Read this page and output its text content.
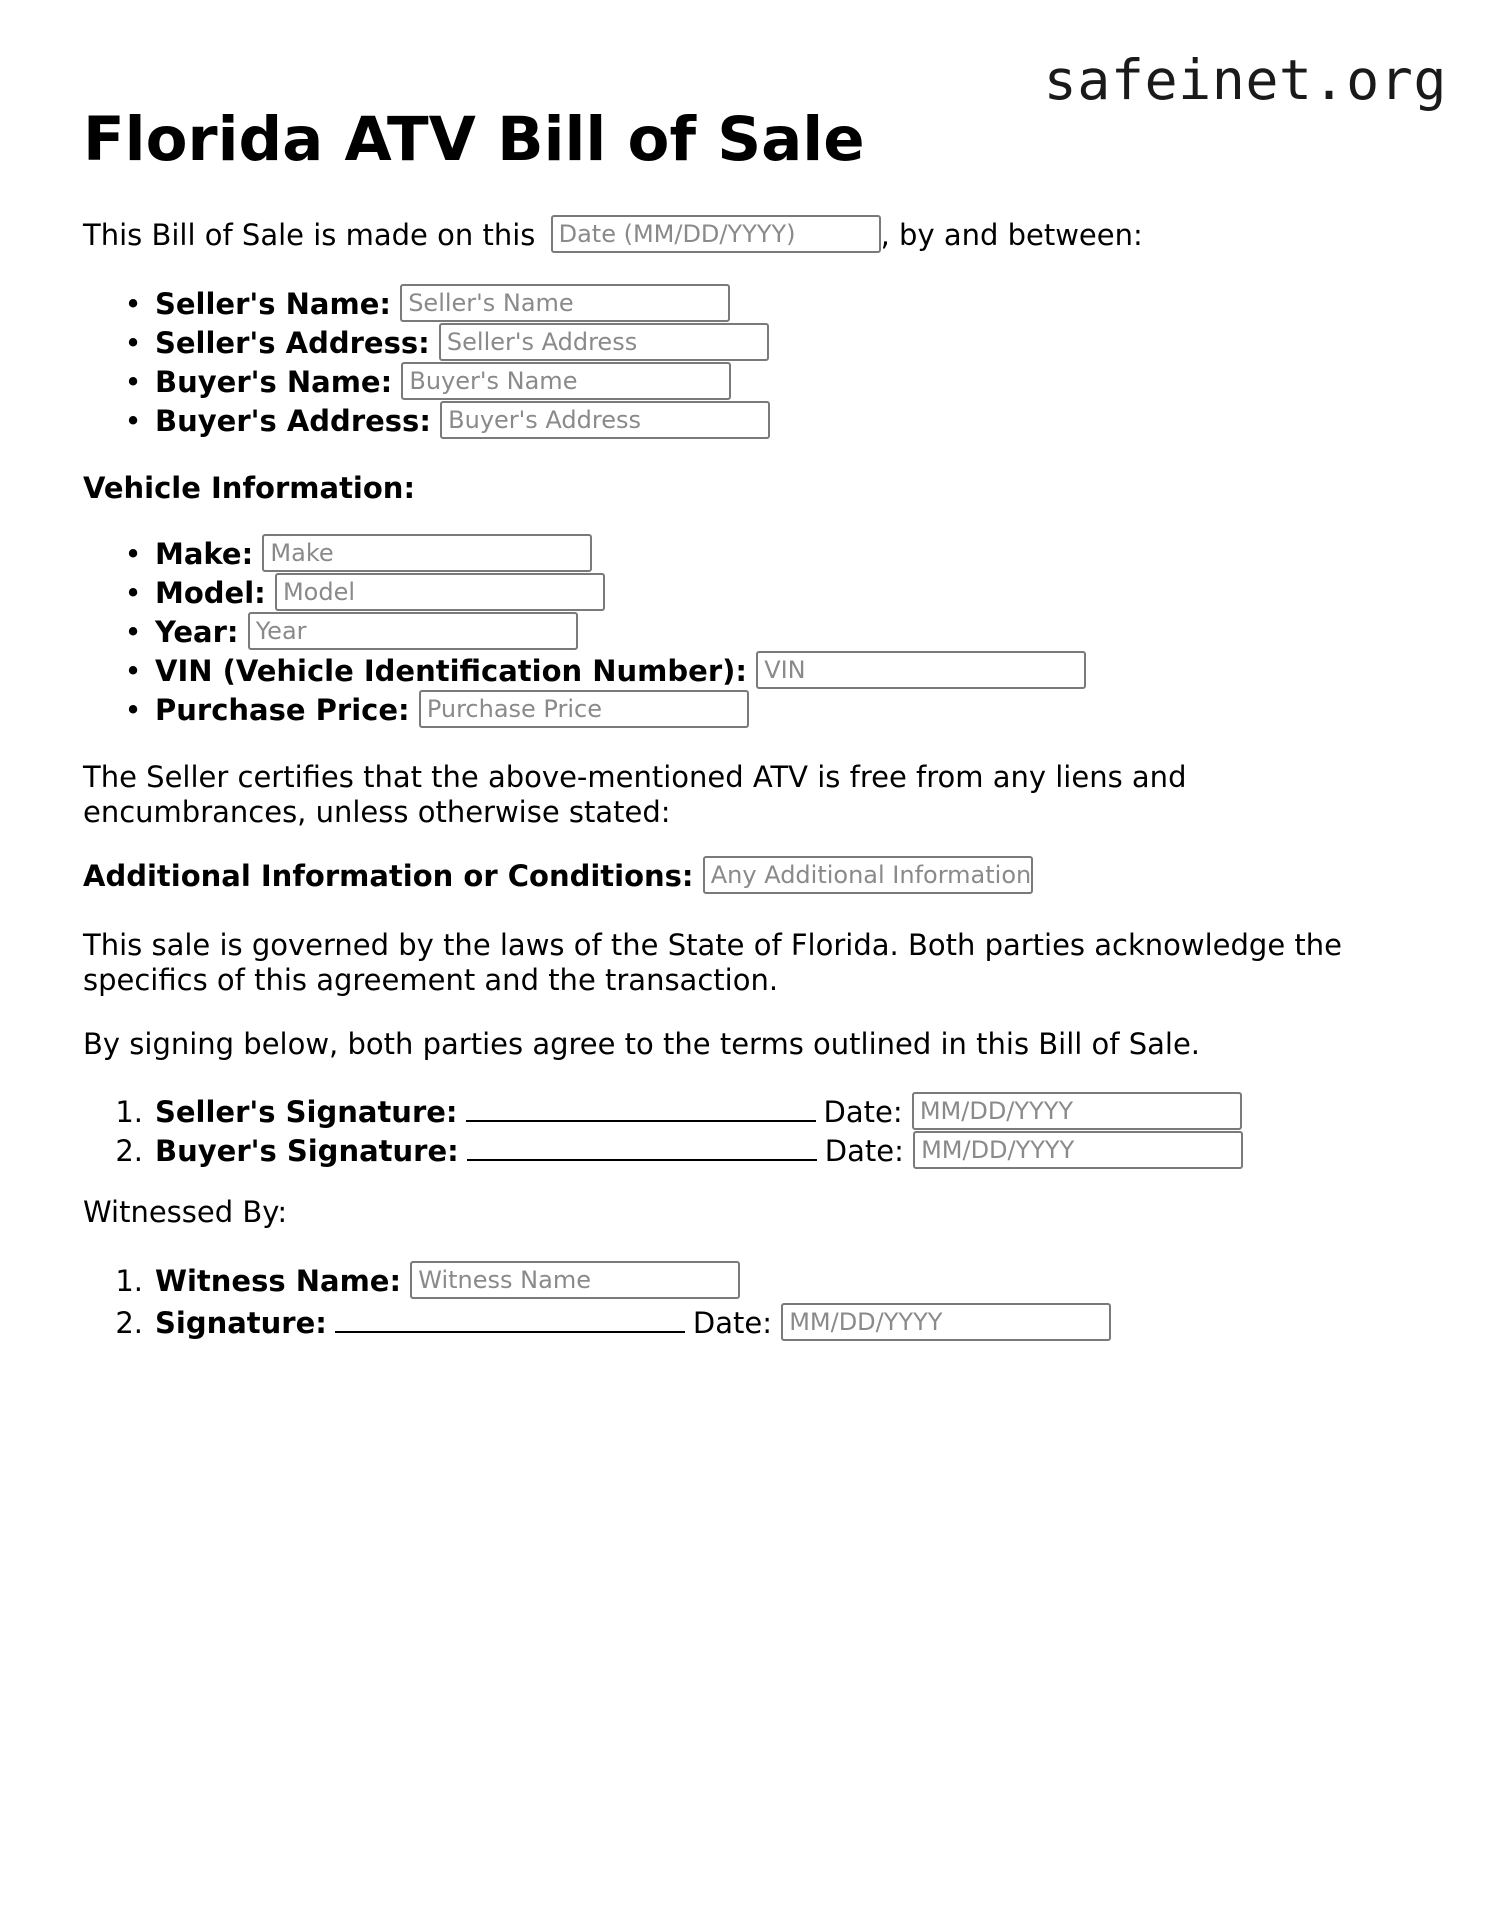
safeinet.org
Florida ATV Bill of Sale
This Bill of Sale is made on this Date (MM/DD/YYYY)	, by and between:
• Seller's Name: Seller's Name
• Seller's Address: Seller's Address
• Buyer's Name: Buyer's Name
• Buyer's Address: Buyer's Address
Vehicle Information:
• Make: Make
• Model: Model
• Year: Year
• VIN (Vehicle Identification Number): VIN
• Purchase Price: Purchase Price
The Seller certifies that the above-mentioned ATV is free from any liens and
encumbrances, unless otherwise stated:
Additional Information or Conditions: Any Additional Information
This sale is governed by the laws of the State of Florida. Both parties acknowledge the
specifics of this agreement and the transaction.
By signing below, both parties agree to the terms outlined in this Bill of Sale.
1. Seller's Signature:	Date: MM/DD/YYYY
2. Buyer's Signature:	Date: MM/DD/YYYY
Witnessed By:
1. Witness Name: Witness Name
2. Signature:	Date: MM/DD/YYYY
